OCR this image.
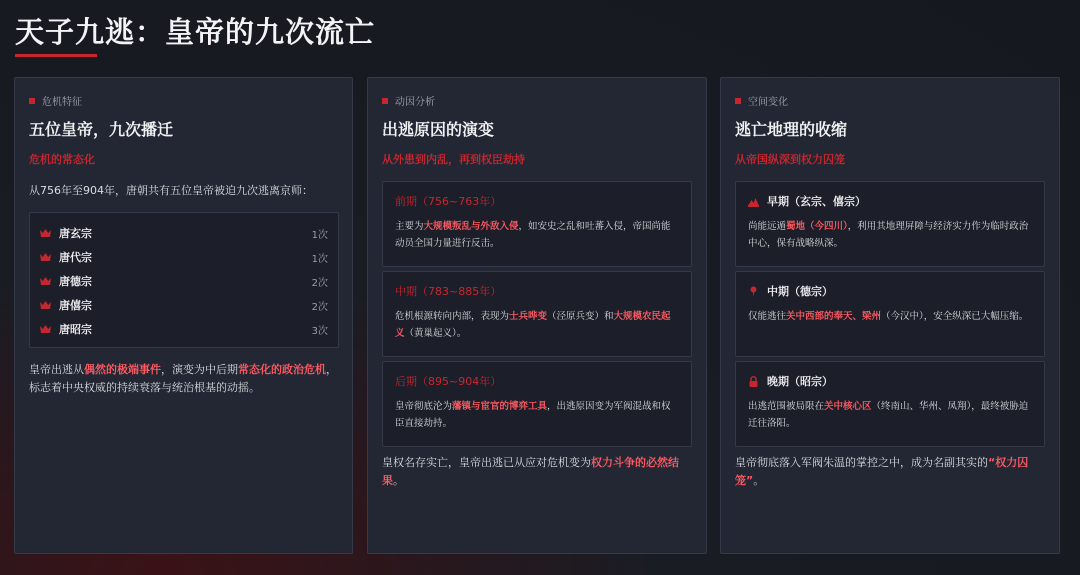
天子九逃：皇帝的九次流亡
危机特征
五位皇帝，九次播迁
危机的常态化
从756年至904年，唐朝共有五位皇帝被迫九次逃离京师：
唐玄宗	1次
唐代宗	1次
唐德宗	2次
唐僖宗	2次
唐昭宗	3次
皇帝出逃从偶然的极端事件，演变为中后期常态化的政治危机，标志着中央权威的持续衰落与统治根基的动摇。
动因分析
出逃原因的演变
从外患到内乱，再到权臣劫持
前期（756~763年）
主要为大规模叛乱与外敌入侵，如安史之乱和吐蕃入侵，帝国尚能动员全国力量进行反击。
中期（783~885年）
危机根源转向内部，表现为士兵哗变（泾原兵变）和大规模农民起义（黄巢起义）。
后期（895~904年）
皇帝彻底沦为藩镇与宦官的博弈工具，出逃原因变为军阀混战和权臣直接劫持。
皇权名存实亡，皇帝出逃已从应对危机变为权力斗争的必然结果。
空间变化
逃亡地理的收缩
从帝国纵深到权力囚笼
早期（玄宗、僖宗）
尚能远遁蜀地（今四川），利用其地理屏障与经济实力作为临时政治中心，保有战略纵深。
中期（德宗）
仅能逃往关中西部的奉天、梁州（今汉中），安全纵深已大幅压缩。
晚期（昭宗）
出逃范围被局限在关中核心区（终南山、华州、凤翔），最终被胁迫迁往洛阳。
皇帝彻底落入军阀朱温的掌控之中，成为名副其实的“权力囚笼”。
